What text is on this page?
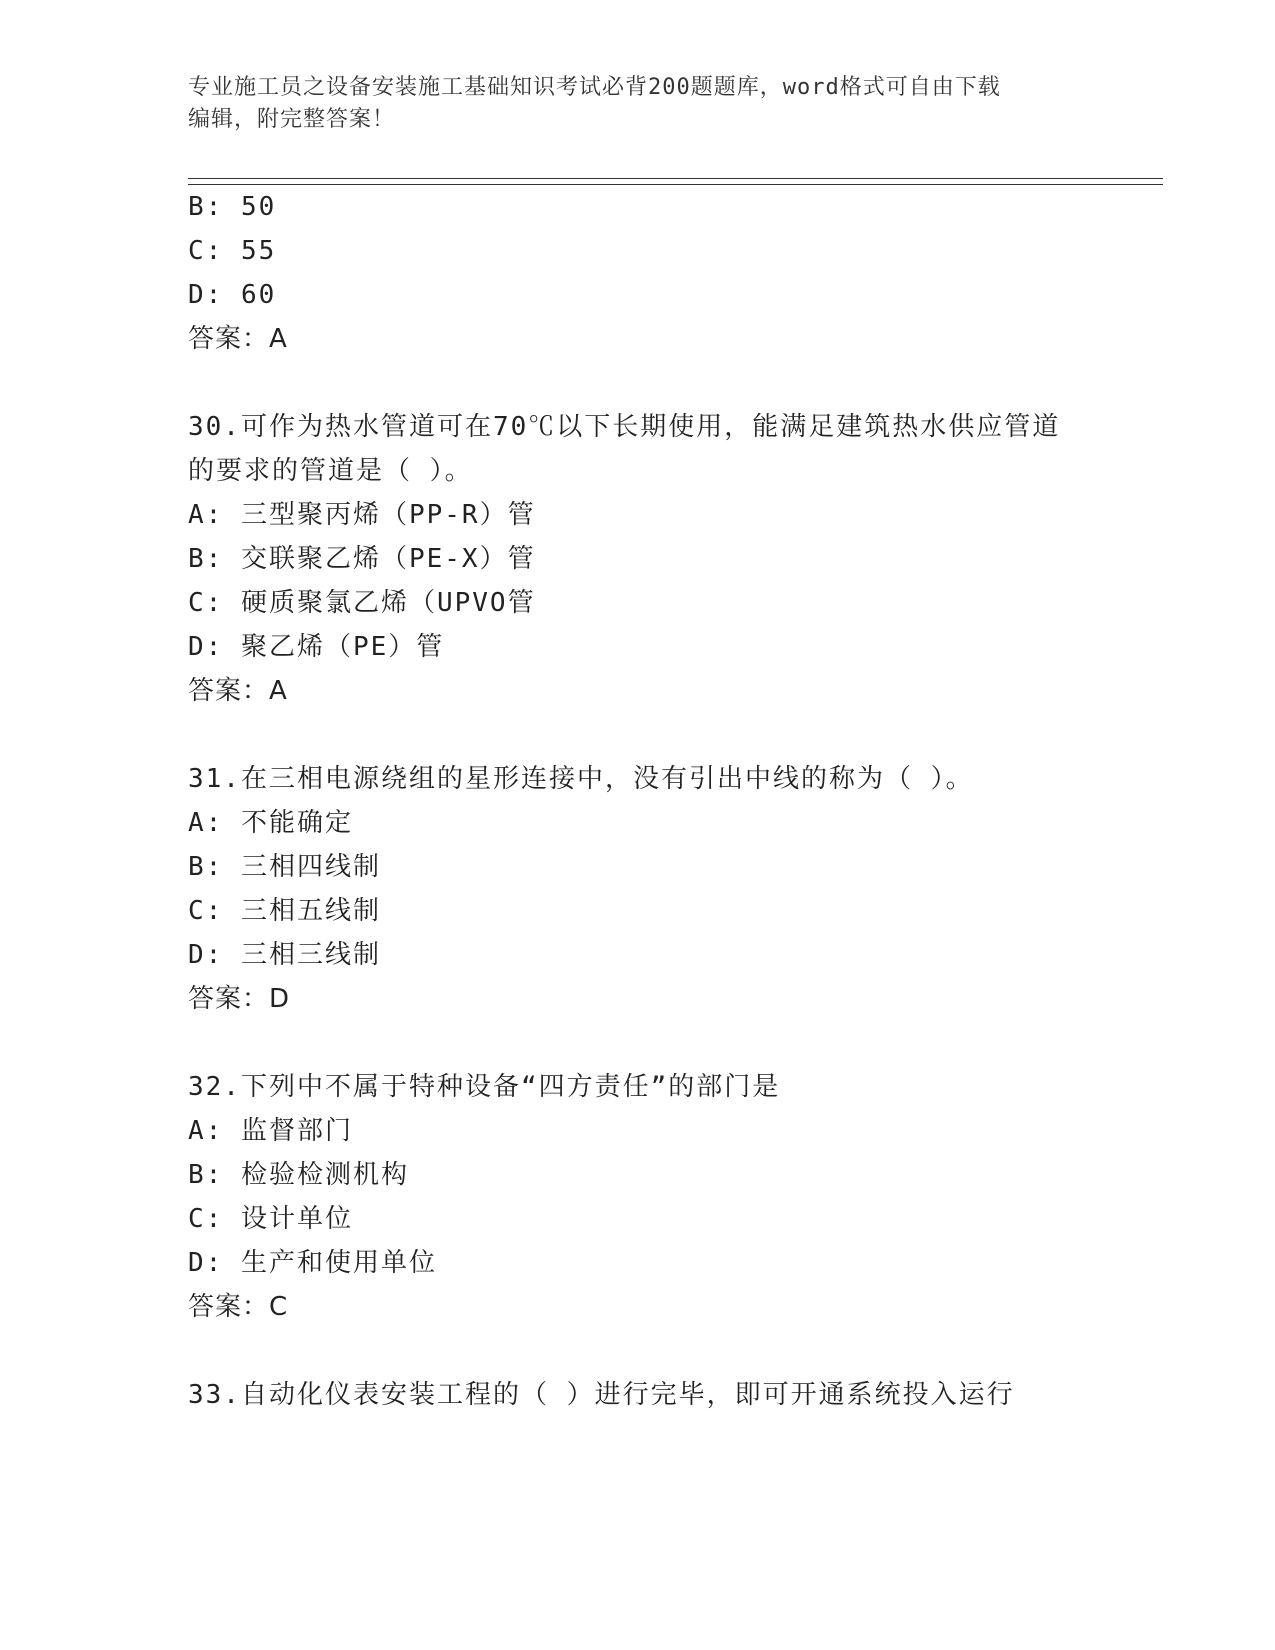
专业施工员之设备安装施工基础知识考试必背200题题库，word格式可自由下载
编辑，附完整答案！
B: 50
C: 55
D: 60
答案：A
30.可作为热水管道可在70℃以下长期使用，能满足建筑热水供应管道
的要求的管道是（ ）。
A: 三型聚丙烯（PP-R）管
B: 交联聚乙烯（PE-X）管
C: 硬质聚氯乙烯（UPVO管
D: 聚乙烯（PE）管
答案：A
31.在三相电源绕组的星形连接中，没有引出中线的称为（ ）。
A: 不能确定
B: 三相四线制
C: 三相五线制
D: 三相三线制
答案：D
32.下列中不属于特种设备“四方责任”的部门是
A: 监督部门
B: 检验检测机构
C: 设计单位
D: 生产和使用单位
答案：C
33.自动化仪表安装工程的（ ）进行完毕，即可开通系统投入运行
